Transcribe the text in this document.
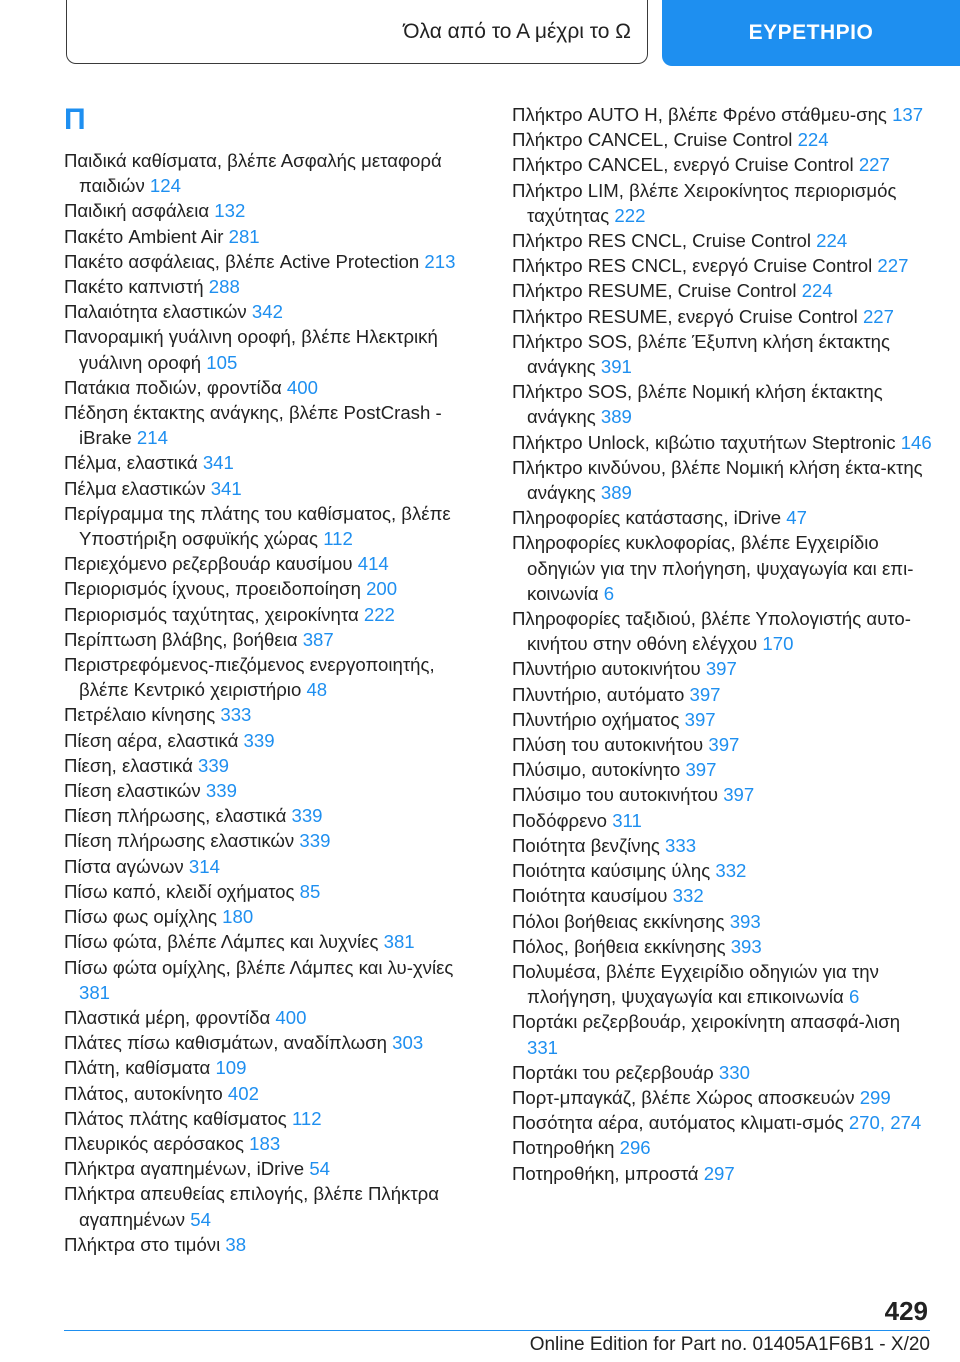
Όλα από το Α μέχρι το Ω	ΕΥΡΕΤΗΡΙΟ
Π
Παιδικά καθίσματα, βλέπε Ασφαλής μεταφορά παιδιών 124
Παιδική ασφάλεια 132
Πακέτο Ambient Air 281
Πακέτο ασφάλειας, βλέπε Active Protection 213
Πακέτο καπνιστή 288
Παλαιότητα ελαστικών 342
Πανοραμική γυάλινη οροφή, βλέπε Ηλεκτρική γυάλινη οροφή 105
Πατάκια ποδιών, φροντίδα 400
Πέδηση έκτακτης ανάγκης, βλέπε PostCrash - iBrake 214
Πέλμα, ελαστικά 341
Πέλμα ελαστικών 341
Περίγραμμα της πλάτης του καθίσματος, βλέπε Υποστήριξη οσφυϊκής χώρας 112
Περιεχόμενο ρεζερβουάρ καυσίμου 414
Περιορισμός ίχνους, προειδοποίηση 200
Περιορισμός ταχύτητας, χειροκίνητα 222
Περίπτωση βλάβης, βοήθεια 387
Περιστρεφόμενος-πιεζόμενος ενεργοποιητής, βλέπε Κεντρικό χειριστήριο 48
Πετρέλαιο κίνησης 333
Πίεση αέρα, ελαστικά 339
Πίεση, ελαστικά 339
Πίεση ελαστικών 339
Πίεση πλήρωσης, ελαστικά 339
Πίεση πλήρωσης ελαστικών 339
Πίστα αγώνων 314
Πίσω καπό, κλειδί οχήματος 85
Πίσω φως ομίχλης 180
Πίσω φώτα, βλέπε Λάμπες και λυχνίες 381
Πίσω φώτα ομίχλης, βλέπε Λάμπες και λυ-χνίες 381
Πλαστικά μέρη, φροντίδα 400
Πλάτες πίσω καθισμάτων, αναδίπλωση 303
Πλάτη, καθίσματα 109
Πλάτος, αυτοκίνητο 402
Πλάτος πλάτης καθίσματος 112
Πλευρικός αερόσακος 183
Πλήκτρα αγαπημένων, iDrive 54
Πλήκτρα απευθείας επιλογής, βλέπε Πλήκτρα αγαπημένων 54
Πλήκτρα στο τιμόνι 38
Πλήκτρο AUTO H, βλέπε Φρένο στάθμευ-σης 137
Πλήκτρο CANCEL, Cruise Control 224
Πλήκτρο CANCEL, ενεργό Cruise Control 227
Πλήκτρο LIM, βλέπε Χειροκίνητος περιορισμός ταχύτητας 222
Πλήκτρο RES CNCL, Cruise Control 224
Πλήκτρο RES CNCL, ενεργό Cruise Control 227
Πλήκτρο RESUME, Cruise Control 224
Πλήκτρο RESUME, ενεργό Cruise Control 227
Πλήκτρο SOS, βλέπε Έξυπνη κλήση έκτακτης ανάγκης 391
Πλήκτρο SOS, βλέπε Νομική κλήση έκτακτης ανάγκης 389
Πλήκτρο Unlock, κιβώτιο ταχυτήτων Steptronic 146
Πλήκτρο κινδύνου, βλέπε Νομική κλήση έκτα-κτης ανάγκης 389
Πληροφορίες κατάστασης, iDrive 47
Πληροφορίες κυκλοφορίας, βλέπε Εγχειρίδιο οδηγιών για την πλοήγηση, ψυχαγωγία και επι-κοινωνία 6
Πληροφορίες ταξιδιού, βλέπε Υπολογιστής αυτο-κινήτου στην οθόνη ελέγχου 170
Πλυντήριο αυτοκινήτου 397
Πλυντήριο, αυτόματο 397
Πλυντήριο οχήματος 397
Πλύση του αυτοκινήτου 397
Πλύσιμο, αυτοκίνητο 397
Πλύσιμο του αυτοκινήτου 397
Ποδόφρενο 311
Ποιότητα βενζίνης 333
Ποιότητα καύσιμης ύλης 332
Ποιότητα καυσίμου 332
Πόλοι βοήθειας εκκίνησης 393
Πόλος, βοήθεια εκκίνησης 393
Πολυμέσα, βλέπε Εγχειρίδιο οδηγιών για την πλοήγηση, ψυχαγωγία και επικοινωνία 6
Πορτάκι ρεζερβουάρ, χειροκίνητη απασφά-λιση 331
Πορτάκι του ρεζερβουάρ 330
Πορτ-μπαγκάζ, βλέπε Χώρος αποσκευών 299
Ποσότητα αέρα, αυτόματος κλιματι-σμός 270, 274
Ποτηροθήκη 296
Ποτηροθήκη, μπροστά 297
429
Online Edition for Part no. 01405A1F6B1 - X/20
